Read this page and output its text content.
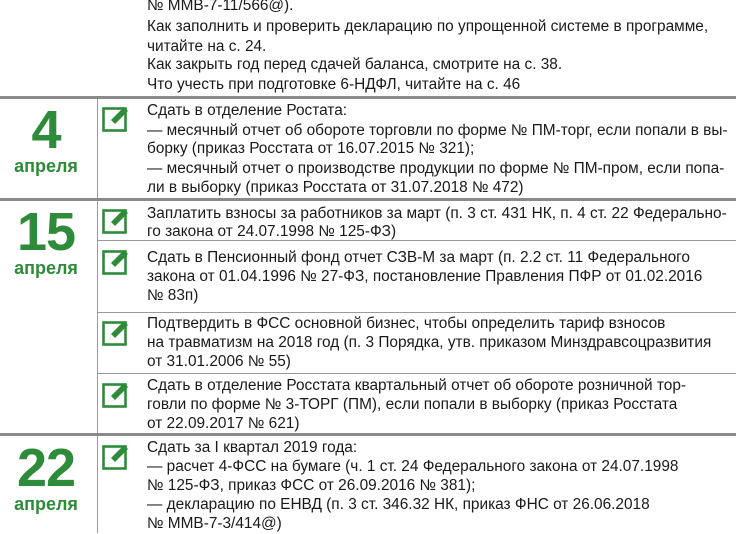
№ ММВ-7-11/566@).
Как заполнить и проверить декларацию по упрощенной системе в программе,
читайте на с. 24.
Как закрыть год перед сдачей баланса, смотрите на с. 38.
Что учесть при подготовке 6-НДФЛ, читайте на с. 46
4
апреля
Сдать в отделение Ростата:
— месячный отчет об обороте торговли по форме № ПМ-торг, если попали в вы-
борку (приказ Росстата от 16.07.2015 № 321);
— месячный отчет о производстве продукции по форме № ПМ-пром, если попа-
ли в выборку (приказ Росстата от 31.07.2018 № 472)
15
апреля
Заплатить взносы за работников за март (п. 3 ст. 431 НК, п. 4 ст. 22 Федерально-
го закона от 24.07.1998 № 125-ФЗ)
Сдать в Пенсионный фонд отчет СЗВ-М за март (п. 2.2 ст. 11 Федерального
закона от 01.04.1996 № 27-ФЗ, постановление Правления ПФР от 01.02.2016
№ 83п)
Подтвердить в ФСС основной бизнес, чтобы определить тариф взносов
на травматизм на 2018 год (п. 3 Порядка, утв. приказом Минздравсоцразвития
от 31.01.2006 № 55)
Сдать в отделение Росстата квартальный отчет об обороте розничной тор-
говли по форме № 3-ТОРГ (ПМ), если попали в выборку (приказ Росстата
от 22.09.2017 № 621)
22
апреля
Сдать за I квартал 2019 года:
— расчет 4-ФСС на бумаге (ч. 1 ст. 24 Федерального закона от 24.07.1998
№ 125-ФЗ, приказ ФСС от 26.09.2016 № 381);
— декларацию по ЕНВД (п. 3 ст. 346.32 НК, приказ ФНС от 26.06.2018
№ ММВ-7-3/414@)
